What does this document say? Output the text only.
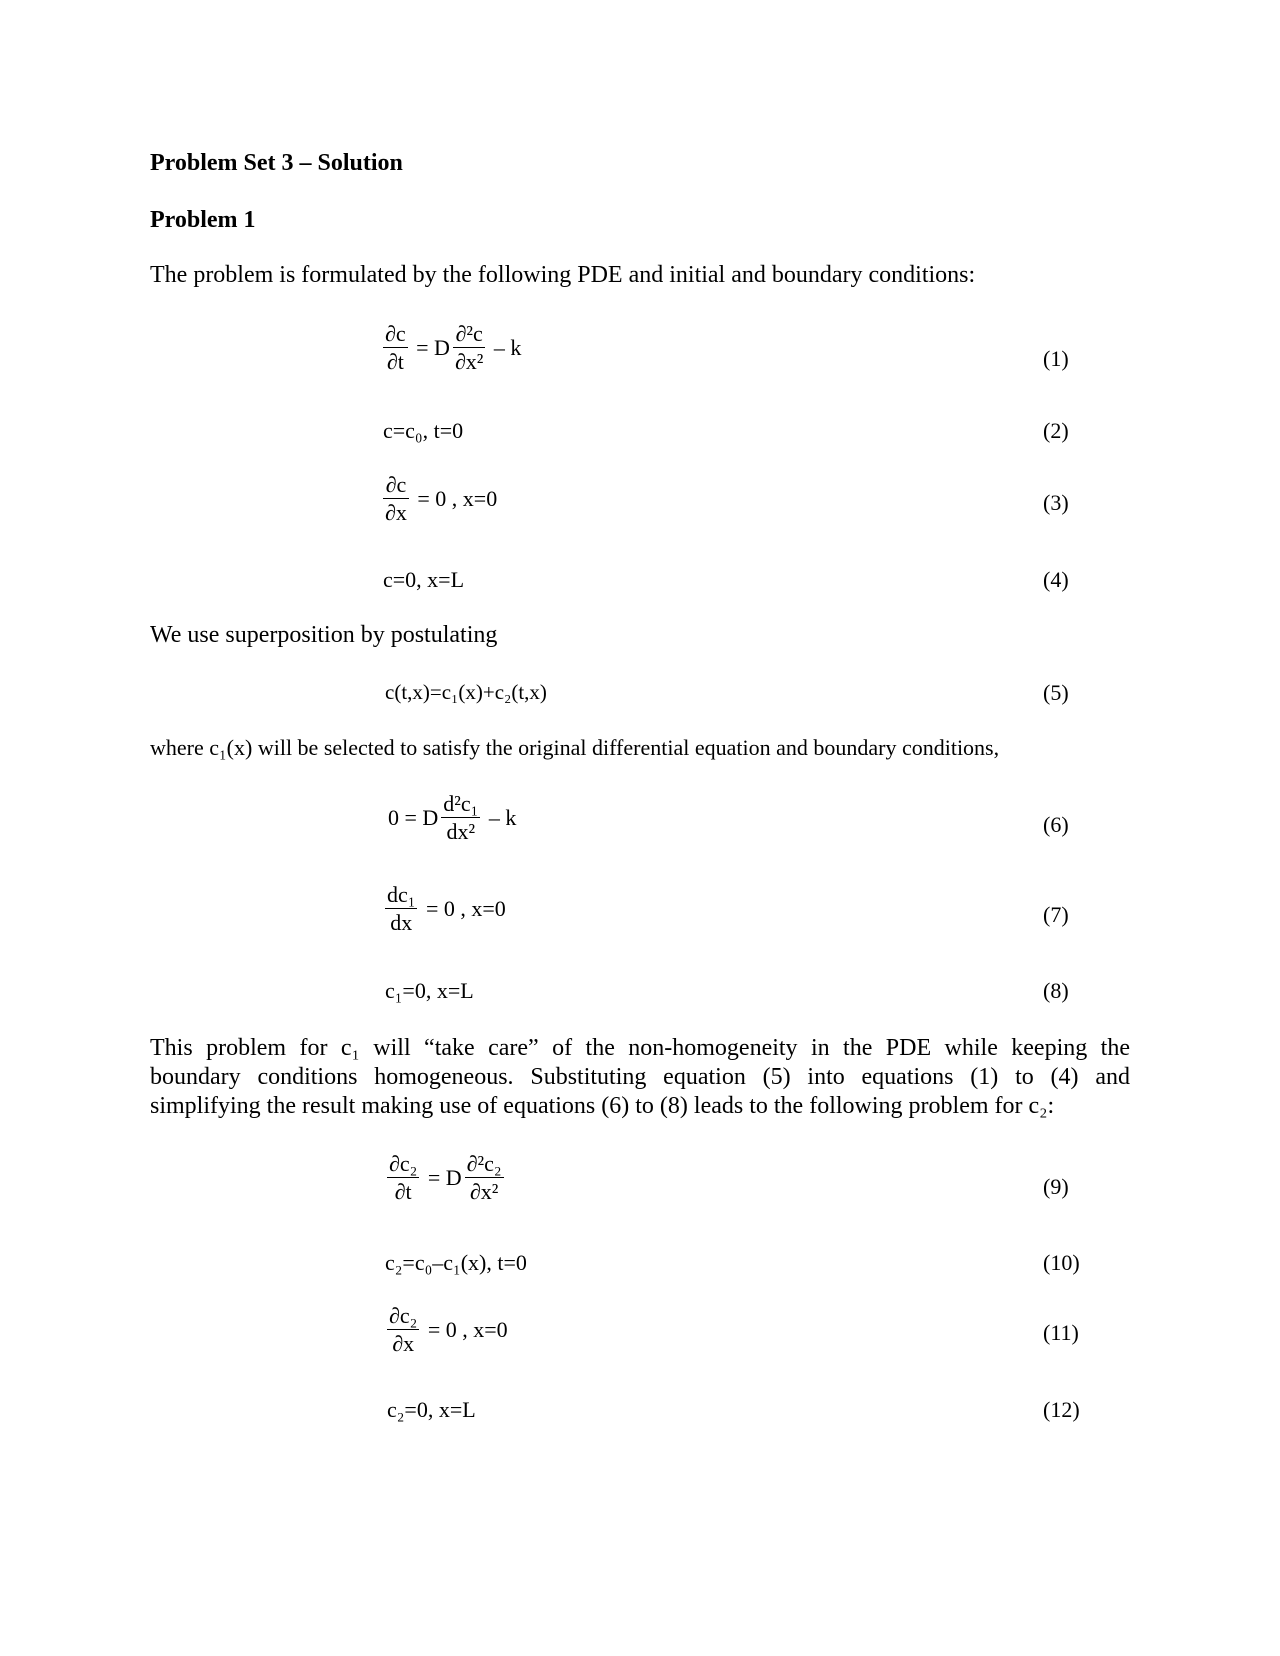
Problem Set 3 – Solution
Problem 1
The problem is formulated by the following PDE and initial and boundary conditions:
$\frac{\partial c}{\partial t} = D \frac{\text{∂²c}}{\text{∂x²}} - k$	(1)
c=c₀, t=0	(2)
$\frac{\partial c}{\partial x} = 0$ , x=0	(3)
c=0, x=L	(4)
We use superposition by postulating
c(t,x)=c₁(x)+c₂(t,x)	(5)
where c₁(x) will be selected to satisfy the original differential equation and boundary conditions,
0 = D $\frac{\text{d²c₁}}{\text{dx²}}$ – k	(6)
$\frac{\text{dc₁}}{dx} = 0$ , x=0	(7)
c₁=0, x=L	(8)
This problem for c₁ will “take care” of the non-homogeneity in the PDE while keeping the
boundary conditions homogeneous. Substituting equation (5) into equations (1) to (4) and
simplifying the result making use of equations (6) to (8) leads to the following problem for c₂:
$\frac{\text{∂c₂}}{\partial t} = D \frac{\text{∂²c₂}}{\text{∂x²}}$	(9)
c₂=c₀–c₁(x), t=0	(10)
$\frac{\text{∂c₂}}{\partial x} = 0$ , x=0	(11)
c₂=0, x=L	(12)
